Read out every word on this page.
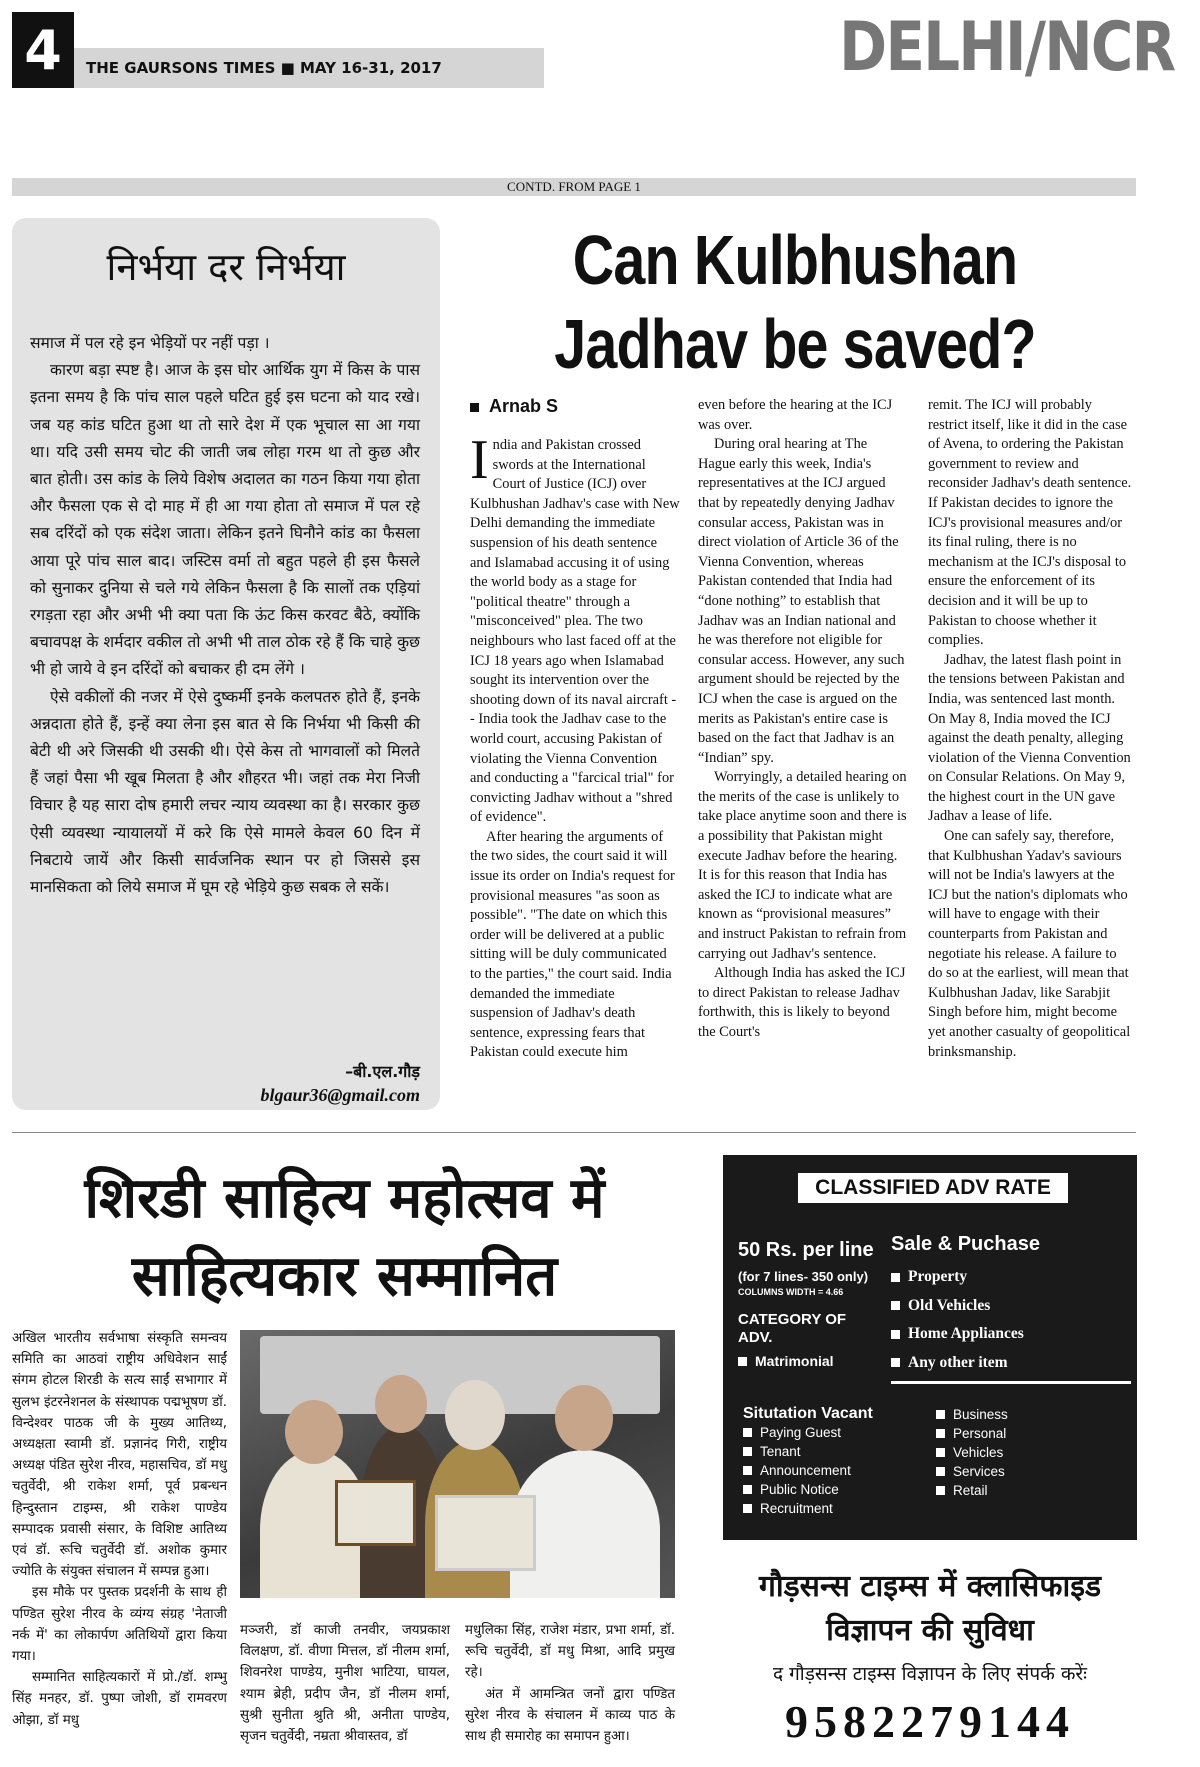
4	THE GAURSONS TIMES ■ MAY 16-31, 2017	DELHI/NCR
CONTD. FROM PAGE 1
निर्भया दर निर्भया

समाज में पल रहे इन भेड़ियों पर नहीं पड़ा ।

कारण बड़ा स्पष्ट है। आज के इस घोर आर्थिक युग में किस के पास इतना समय है कि पांच साल पहले घटित हुई इस घटना को याद रखे। जब यह कांड घटित हुआ था तो सारे देश में एक भूचाल सा आ गया था। यदि उसी समय चोट की जाती जब लोहा गरम था तो कुछ और बात होती। उस कांड के लिये विशेष अदालत का गठन किया गया होता और फैसला एक से दो माह में ही आ गया होता तो समाज में पल रहे सब दरिंदों को एक संदेश जाता। लेकिन इतने घिनौने कांड का फैसला आया पूरे पांच साल बाद। जस्टिस वर्मा तो बहुत पहले ही इस फैसले को सुनाकर दुनिया से चले गये लेकिन फैसला है कि सालों तक एड़ियां रगड़ता रहा और अभी भी क्या पता कि ऊंट किस करवट बैठे, क्योंकि बचावपक्ष के शर्मदार वकील तो अभी भी ताल ठोक रहे हैं कि चाहे कुछ भी हो जाये वे इन दरिंदों को बचाकर ही दम लेंगे ।

ऐसे वकीलों की नजर में ऐसे दुष्कर्मी इनके कलपतरु होते हैं, इनके अन्नदाता होते हैं, इन्हें क्या लेना इस बात से कि निर्भया भी किसी की बेटी थी अरे जिसकी थी उसकी थी। ऐसे केस तो भागवालों को मिलते हैं जहां पैसा भी खूब मिलता है और शौहरत भी। जहां तक मेरा निजी विचार है यह सारा दोष हमारी लचर न्याय व्यवस्था का है। सरकार कुछ ऐसी व्यवस्था न्यायालयों में करे कि ऐसे मामले केवल 60 दिन में निबटाये जायें और किसी सार्वजनिक स्थान पर हो जिससे इस मानसिकता को लिये समाज में घूम रहे भेड़िये कुछ सबक ले सकें।

–बी.एल.गौड़
blgaur36@gmail.com
Can Kulbhushan Jadhav be saved?
Arnab S

India and Pakistan crossed swords at the International Court of Justice (ICJ) over Kulbhushan Jadhav's case with New Delhi demanding the immediate suspension of his death sentence and Islamabad accusing it of using the world body as a stage for "political theatre" through a "misconceived" plea. The two neighbours who last faced off at the ICJ 18 years ago when Islamabad sought its intervention over the shooting down of its naval aircraft -- India took the Jadhav case to the world court, accusing Pakistan of violating the Vienna Convention and conducting a "farcical trial" for convicting Jadhav without a "shred of evidence".

After hearing the arguments of the two sides, the court said it will issue its order on India's request for provisional measures "as soon as possible". "The date on which this order will be delivered at a public sitting will be duly communicated to the parties," the court said. India demanded the immediate suspension of Jadhav's death sentence, expressing fears that Pakistan could execute him

even before the hearing at the ICJ was over.

During oral hearing at The Hague early this week, India's representatives at the ICJ argued that by repeatedly denying Jadhav consular access, Pakistan was in direct violation of Article 36 of the Vienna Convention, whereas Pakistan contended that India had “done nothing” to establish that Jadhav was an Indian national and he was therefore not eligible for consular access. However, any such argument should be rejected by the ICJ when the case is argued on the merits as Pakistan's entire case is based on the fact that Jadhav is an “Indian” spy.

Worryingly, a detailed hearing on the merits of the case is unlikely to take place anytime soon and there is a possibility that Pakistan might execute Jadhav before the hearing. It is for this reason that India has asked the ICJ to indicate what are known as “provisional measures” and instruct Pakistan to refrain from carrying out Jadhav's sentence.

Although India has asked the ICJ to direct Pakistan to release Jadhav forthwith, this is likely to beyond the Court's

remit. The ICJ will probably restrict itself, like it did in the case of Avena, to ordering the Pakistan government to review and reconsider Jadhav's death sentence. If Pakistan decides to ignore the ICJ's provisional measures and/or its final ruling, there is no mechanism at the ICJ's disposal to ensure the enforcement of its decision and it will be up to Pakistan to choose whether it complies.

Jadhav, the latest flash point in the tensions between Pakistan and India, was sentenced last month. On May 8, India moved the ICJ against the death penalty, alleging violation of the Vienna Convention on Consular Relations. On May 9, the highest court in the UN gave Jadhav a lease of life.

One can safely say, therefore, that Kulbhushan Yadav's saviours will not be India's lawyers at the ICJ but the nation's diplomats who will have to engage with their counterparts from Pakistan and negotiate his release. A failure to do so at the earliest, will mean that Kulbhushan Jadav, like Sarabjit Singh before him, might become yet another casualty of geopolitical brinksmanship.

शिरडी साहित्य महोत्सव में साहित्यकार सम्मानित

अखिल भारतीय सर्वभाषा संस्कृति समन्वय समिति का आठवां राष्ट्रीय अधिवेशन साईं संगम होटल शिरडी के सत्य साईं सभागार में सुलभ इंटरनेशनल के संस्थापक पद्मभूषण डॉ. विन्देश्वर पाठक जी के मुख्य आतिथ्य, अध्यक्षता स्वामी डॉ. प्रज्ञानंद गिरी, राष्ट्रीय अध्यक्ष पंडित सुरेश नीरव, महासचिव, डॉ मधु चतुर्वेदी, श्री राकेश शर्मा, पूर्व प्रबन्धन हिन्दुस्तान टाइम्स, श्री राकेश पाण्डेय सम्पादक प्रवासी संसार, के विशिष्ट आतिथ्य एवं डॉ. रूचि चतुर्वेदी डॉ. अशोक कुमार ज्योति के संयुक्त संचालन में सम्पन्न हुआ।

इस मौके पर पुस्तक प्रदर्शनी के साथ ही पण्डित सुरेश नीरव के व्यंग्य संग्रह 'नेताजी नर्क में' का लोकार्पण अतिथियों द्वारा किया गया।

सम्मानित साहित्यकारों में प्रो./डॉ. शम्भु सिंह मनहर, डॉ. पुष्पा जोशी, डॉ रामवरण ओझा, डॉ मधु

मञ्जरी, डॉ काजी तनवीर, जयप्रकाश विलक्षण, डॉ. वीणा मित्तल, डॉ नीलम शर्मा, शिवनरेश पाण्डेय, मुनीश भाटिया, घायल, श्याम ब्रेही, प्रदीप जैन, डॉ नीलम शर्मा, सुश्री सुनीता श्रुति श्री, अनीता पाण्डेय, सृजन चतुर्वेदी, नम्रता श्रीवास्तव, डॉ

मधुलिका सिंह, राजेश मंडार, प्रभा शर्मा, डॉ. रूचि चतुर्वेदी, डॉ मधु मिश्रा, आदि प्रमुख रहे।

अंत में आमन्त्रित जनों द्वारा पण्डित सुरेश नीरव के संचालन में काव्य पाठ के साथ ही समारोह का समापन हुआ।

CLASSIFIED ADV RATE
50 Rs. per line
(for 7 lines- 350 only)
COLUMNS WIDTH = 4.66
CATEGORY OF ADV.
Matrimonial
Sale & Puchase
Property
Old Vehicles
Home Appliances
Any other item
Situtation Vacant
Paying Guest
Tenant
Announcement
Public Notice
Recruitment
Business
Personal
Vehicles
Services
Retail
गौड़सन्स टाइम्स में क्लासिफाइड विज्ञापन की सुविधा
द गौड़सन्स टाइम्स विज्ञापन के लिए संपर्क करेंः
9582279144
